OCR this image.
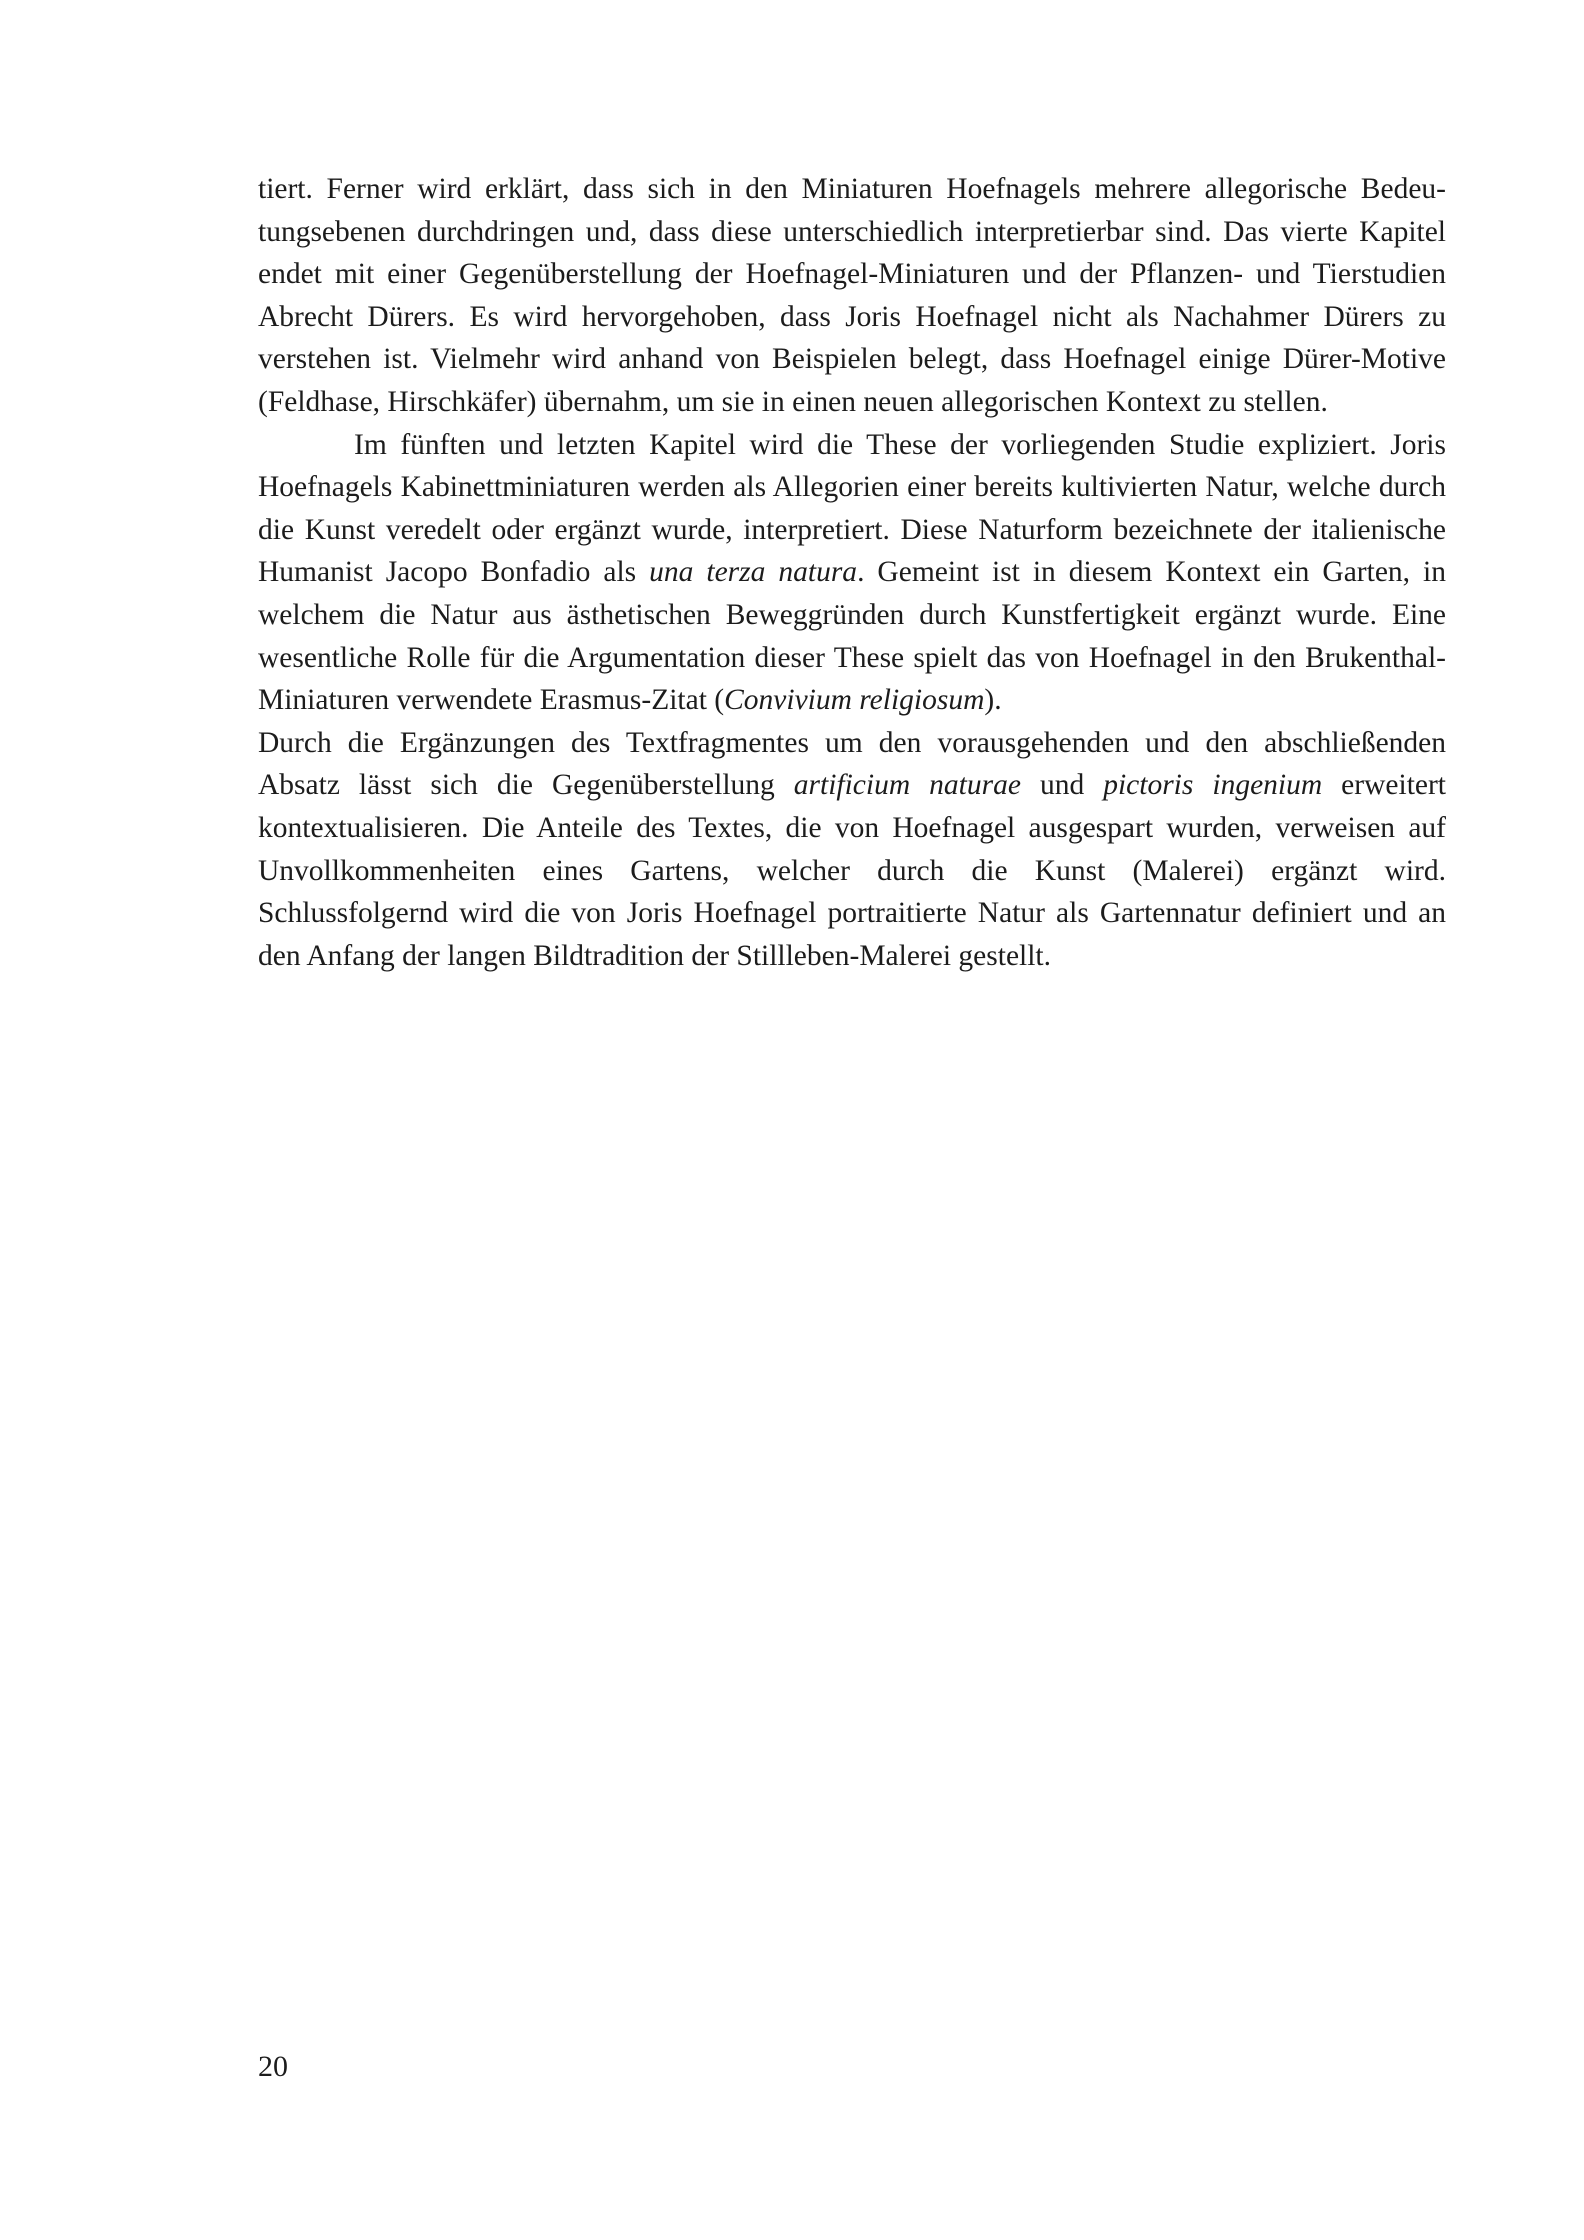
tiert. Ferner wird erklärt, dass sich in den Miniaturen Hoefnagels mehrere allegorische Bedeutungsebenen durchdringen und, dass diese unterschiedlich interpretierbar sind. Das vierte Kapitel endet mit einer Gegenüberstellung der Hoefnagel-Miniaturen und der Pflanzen- und Tierstudien Abrecht Dürers. Es wird hervorgehoben, dass Joris Hoefnagel nicht als Nachahmer Dürers zu verstehen ist. Vielmehr wird anhand von Beispielen belegt, dass Hoefnagel einige Dürer-Motive (Feldhase, Hirschkäfer) übernahm, um sie in einen neuen allegorischen Kontext zu stellen.

Im fünften und letzten Kapitel wird die These der vorliegenden Studie expliziert. Joris Hoefnagels Kabinettminiaturen werden als Allegorien einer bereits kultivierten Natur, welche durch die Kunst veredelt oder ergänzt wurde, interpretiert. Diese Naturform bezeichnete der italienische Humanist Jacopo Bonfadio als una terza natura. Gemeint ist in diesem Kontext ein Garten, in welchem die Natur aus ästhetischen Beweggründen durch Kunstfertigkeit ergänzt wurde. Eine wesentliche Rolle für die Argumentation dieser These spielt das von Hoefnagel in den Brukenthal-Miniaturen verwendete Erasmus-Zitat (Convivium religiosum).

Durch die Ergänzungen des Textfragmentes um den vorausgehenden und den abschließenden Absatz lässt sich die Gegenüberstellung artificium naturae und pictoris ingenium erweitert kontextualisieren. Die Anteile des Textes, die von Hoefnagel ausgespart wurden, verweisen auf Unvollkommenheiten eines Gartens, welcher durch die Kunst (Malerei) ergänzt wird. Schlussfolgernd wird die von Joris Hoefnagel portraitierte Natur als Gartennatur definiert und an den Anfang der langen Bildtradition der Stillleben-Malerei gestellt.

20
